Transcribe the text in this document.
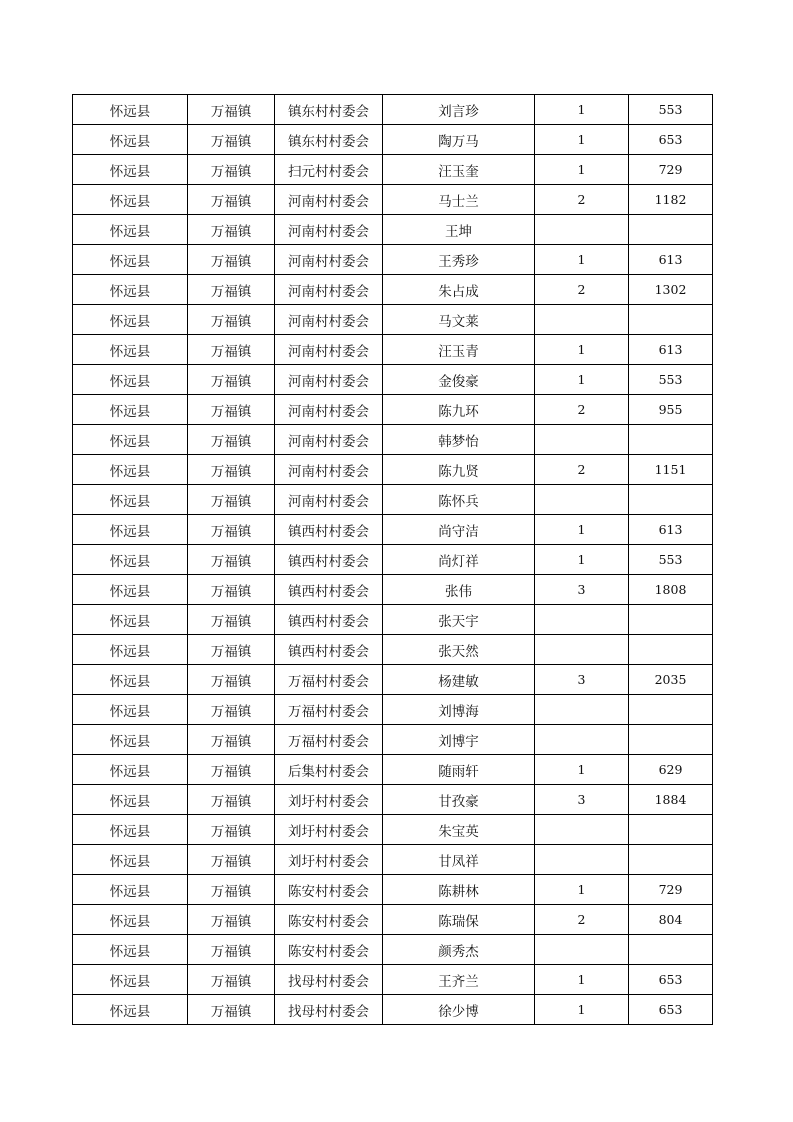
怀远县	万福镇	镇东村村委会	刘言珍	1	553
怀远县	万福镇	镇东村村委会	陶万马	1	653
怀远县	万福镇	扫元村村委会	汪玉奎	1	729
怀远县	万福镇	河南村村委会	马士兰	2	1182
怀远县	万福镇	河南村村委会	王坤		
怀远县	万福镇	河南村村委会	王秀珍	1	613
怀远县	万福镇	河南村村委会	朱占成	2	1302
怀远县	万福镇	河南村村委会	马文莱		
怀远县	万福镇	河南村村委会	汪玉青	1	613
怀远县	万福镇	河南村村委会	金俊豪	1	553
怀远县	万福镇	河南村村委会	陈九环	2	955
怀远县	万福镇	河南村村委会	韩梦怡		
怀远县	万福镇	河南村村委会	陈九贤	2	1151
怀远县	万福镇	河南村村委会	陈怀兵		
怀远县	万福镇	镇西村村委会	尚守洁	1	613
怀远县	万福镇	镇西村村委会	尚灯祥	1	553
怀远县	万福镇	镇西村村委会	张伟	3	1808
怀远县	万福镇	镇西村村委会	张天宇		
怀远县	万福镇	镇西村村委会	张天然		
怀远县	万福镇	万福村村委会	杨建敏	3	2035
怀远县	万福镇	万福村村委会	刘博海		
怀远县	万福镇	万福村村委会	刘博宇		
怀远县	万福镇	后集村村委会	随雨轩	1	629
怀远县	万福镇	刘圩村村委会	甘孜豪	3	1884
怀远县	万福镇	刘圩村村委会	朱宝英		
怀远县	万福镇	刘圩村村委会	甘凤祥		
怀远县	万福镇	陈安村村委会	陈耕林	1	729
怀远县	万福镇	陈安村村委会	陈瑞保	2	804
怀远县	万福镇	陈安村村委会	颜秀杰		
怀远县	万福镇	找母村村委会	王齐兰	1	653
怀远县	万福镇	找母村村委会	徐少博	1	653
